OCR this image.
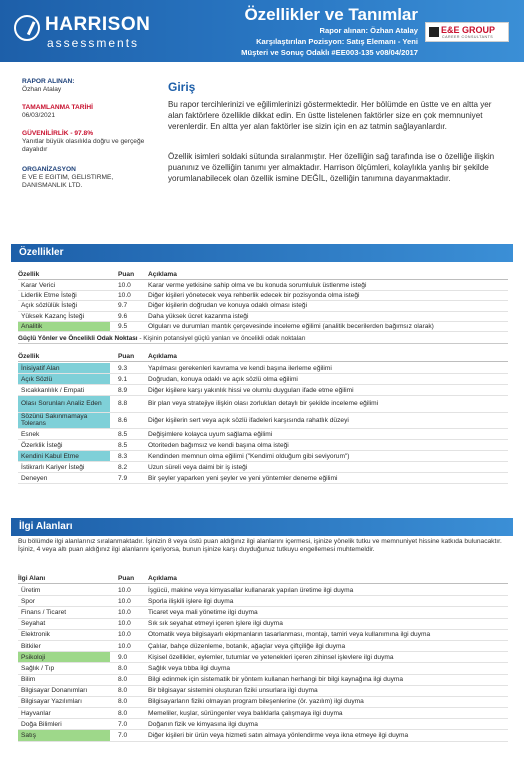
HARRISON
assessments
Özellikler ve Tanımlar
Rapor alınan: Özhan Atalay
Karşılaştırılan Pozisyon: Satış Elemanı - Yeni
Müşteri ve Sonuç Odaklı #EE003-135 v08/04/2017
E&E GROUP
CAREER CONSULTANTS
RAPOR ALINAN:
Özhan Atalay
TAMAMLANMA TARİHİ
06/03/2021
GÜVENİLİRLİK - 97.8%
Yanıtlar büyük olasılıkla doğru ve gerçeğe dayalıdır
ORGANİZASYON
E VE E EGITIM, GELISTIRME, DANISMANLIK LTD.
Giriş
Bu rapor tercihlerinizi ve eğilimlerinizi göstermektedir. Her bölümde en üstte ve en altta yer alan faktörlere özellikle dikkat edin. En üstte listelenen faktörler size en çok memnuniyet verenlerdir. En altta yer alan faktörler ise sizin için en az tatmin sağlayanlardır.
Özellik isimleri soldaki sütunda sıralanmıştır. Her özelliğin sağ tarafında ise o özelliğe ilişkin puanınız ve özelliğin tanımı yer almaktadır. Harrison ölçümleri, kolaylıkla yanlış bir şekilde yorumlanabilecek olan özellik ismine DEĞİL, özelliğin tanımına dayanmaktadır.
Özellikler
Özellik	Puan Açıklama
Karar Verici	10.0	Karar verme yetkisine sahip olma ve bu konuda sorumluluk üstlenme isteği
Liderlik Etme İsteği	10.0	Diğer kişileri yönetecek veya rehberlik edecek bir pozisyonda olma isteği
Açık sözlülük İsteği	9.7	Diğer kişilerin doğrudan ve konuya odaklı olması isteği
Yüksek Kazanç İsteği	9.6	Daha yüksek ücret kazanma isteği
Analitik	9.5	Olguları ve durumları mantık çerçevesinde inceleme eğilimi (analitik becerilerden bağımsız olarak)
Güçlü Yönler ve Öncelikli Odak Noktası - Kişinin potansiyel güçlü yanları ve öncelikli odak noktaları
Özellik	Puan Açıklama
İnisiyatif Alan	9.3	Yapılması gerekenleri kavrama ve kendi başına ilerleme eğilimi
Açık Sözlü	9.1	Doğrudan, konuya odaklı ve açık sözlü olma eğilimi
Sıcakkanlılık / Empati	8.9	Diğer kişilere karşı yakınlık hissi ve olumlu duyguları ifade etme eğilimi
Olası Sorunları Analiz Eden	8.8	Bir plan veya stratejiye ilişkin olası zorlukları detaylı bir şekilde inceleme eğilimi
Sözünü Sakınmamaya Tolerans	8.6	Diğer kişilerin sert veya açık sözlü ifadeleri karşısında rahatlık düzeyi
Esnek	8.5	Değişimlere kolayca uyum sağlama eğilimi
Özerklik İsteği	8.5	Otoriteden bağımsız ve kendi başına olma isteği
Kendini Kabul Etme	8.3	Kendinden memnun olma eğilimi ("Kendimi olduğum gibi seviyorum")
İstikrarlı Kariyer İsteği	8.2	Uzun süreli veya daimi bir iş isteği
Deneyen	7.9	Bir şeyler yaparken yeni şeyler ve yeni yöntemler deneme eğilimi
İlgi Alanları
Bu bölümde ilgi alanlarınız sıralanmaktadır. İşinizin 8 veya üstü puan aldığınız ilgi alanlarını içermesi, işinize yönelik tutku ve memnuniyet hissine katkıda bulunacaktır. İşiniz, 4 veya altı puan aldığınız ilgi alanlarını içeriyorsa, bunun işinize karşı duyduğunuz tutkuyu engellemesi muhtemeldir.
İlgi Alanı	Puan Açıklama
Üretim	10.0	İşgücü, makine veya kimyasallar kullanarak yapılan üretime ilgi duyma
Spor	10.0	Sporla ilişkili işlere ilgi duyma
Finans / Ticaret	10.0	Ticaret veya mali yönetime ilgi duyma
Seyahat	10.0	Sık sık seyahat etmeyi içeren işlere ilgi duyma
Elektronik	10.0	Otomatik veya bilgisayarlı ekipmanların tasarlanması, montajı, tamiri veya kullanımına ilgi duyma
Bitkiler	10.0	Çalılar, bahçe düzenleme, botanik, ağaçlar veya çiftçiliğe ilgi duyma
Psikoloji	9.0	Kişisel özellikler, eylemler, tutumlar ve yetenekleri içeren zihinsel işlevlere ilgi duyma
Sağlık / Tıp	8.0	Sağlık veya tıbba ilgi duyma
Bilim	8.0	Bilgi edinmek için sistematik bir yöntem kullanan herhangi bir bilgi kaynağına ilgi duyma
Bilgisayar Donanımları	8.0	Bir bilgisayar sistemini oluşturan fiziki unsurlara ilgi duyma
Bilgisayar Yazılımları	8.0	Bilgisayarların fiziki olmayan program bileşenlerine (ör. yazılım) ilgi duyma
Hayvanlar	8.0	Memeliler, kuşlar, sürüngenler veya balıklarla çalışmaya ilgi duyma
Doğa Bilimleri	7.0	Doğanın fizik ve kimyasına ilgi duyma
Satış	7.0	Diğer kişileri bir ürün veya hizmeti satın almaya yönlendirme veya ikna etmeye ilgi duyma
